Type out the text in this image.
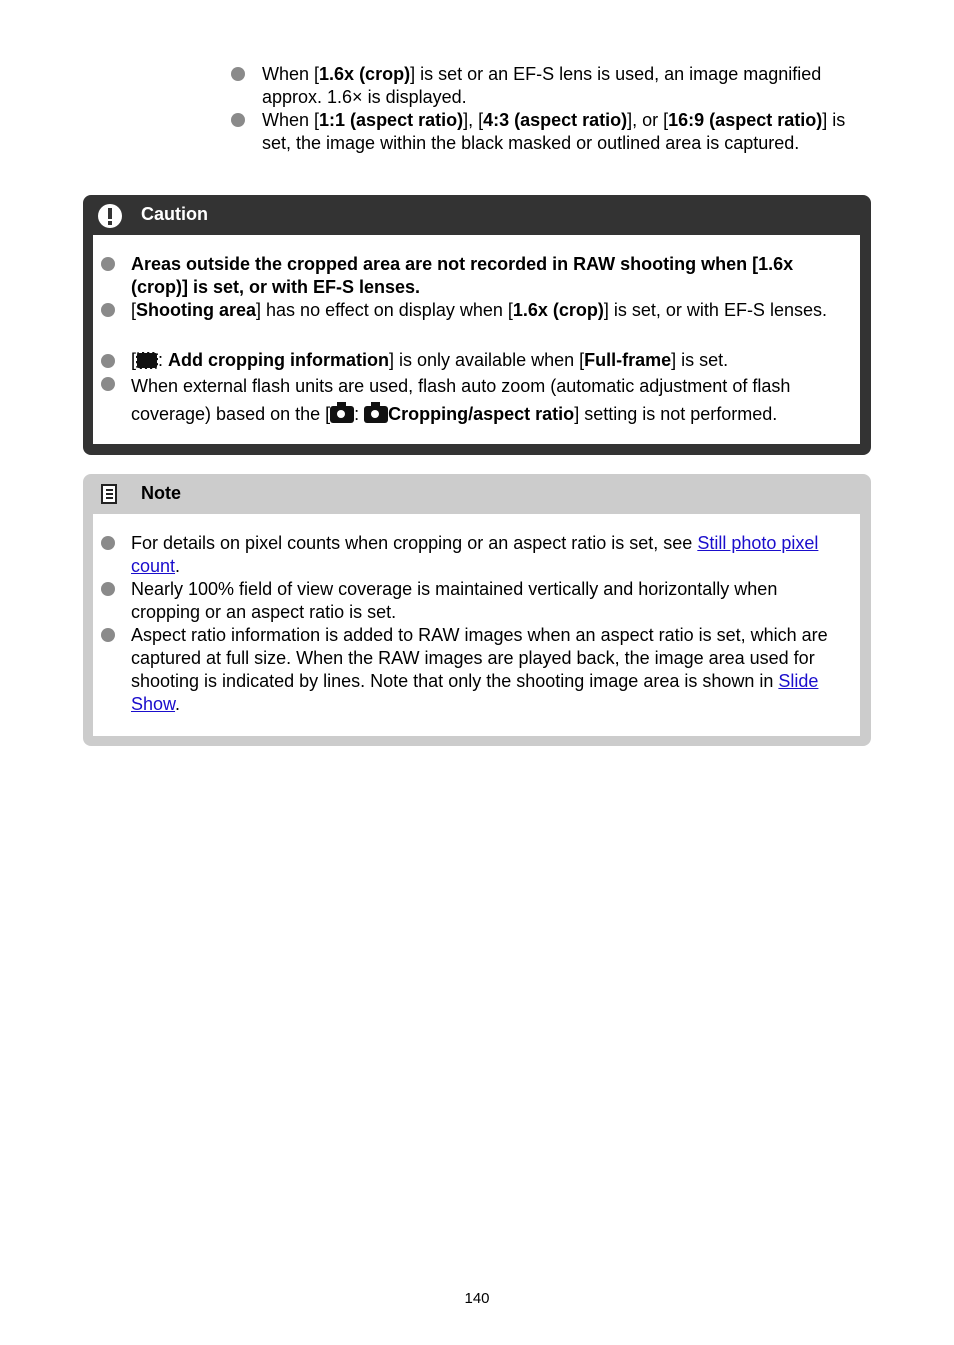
When [1.6x (crop)] is set or an EF-S lens is used, an image magnified approx. 1.6× is displayed.
When [1:1 (aspect ratio)], [4:3 (aspect ratio)], or [16:9 (aspect ratio)] is set, the image within the black masked or outlined area is captured.
Caution
Areas outside the cropped area are not recorded in RAW shooting when [1.6x (crop)] is set, or with EF-S lenses.
[Shooting area] has no effect on display when [1.6x (crop)] is set, or with EF-S lenses.
[ : Add cropping information] is only available when [Full-frame] is set.
When external flash units are used, flash auto zoom (automatic adjustment of flash coverage) based on the [ : Cropping/aspect ratio] setting is not performed.
Note
For details on pixel counts when cropping or an aspect ratio is set, see Still photo pixel count.
Nearly 100% field of view coverage is maintained vertically and horizontally when cropping or an aspect ratio is set.
Aspect ratio information is added to RAW images when an aspect ratio is set, which are captured at full size. When the RAW images are played back, the image area used for shooting is indicated by lines. Note that only the shooting image area is shown in Slide Show.
140
